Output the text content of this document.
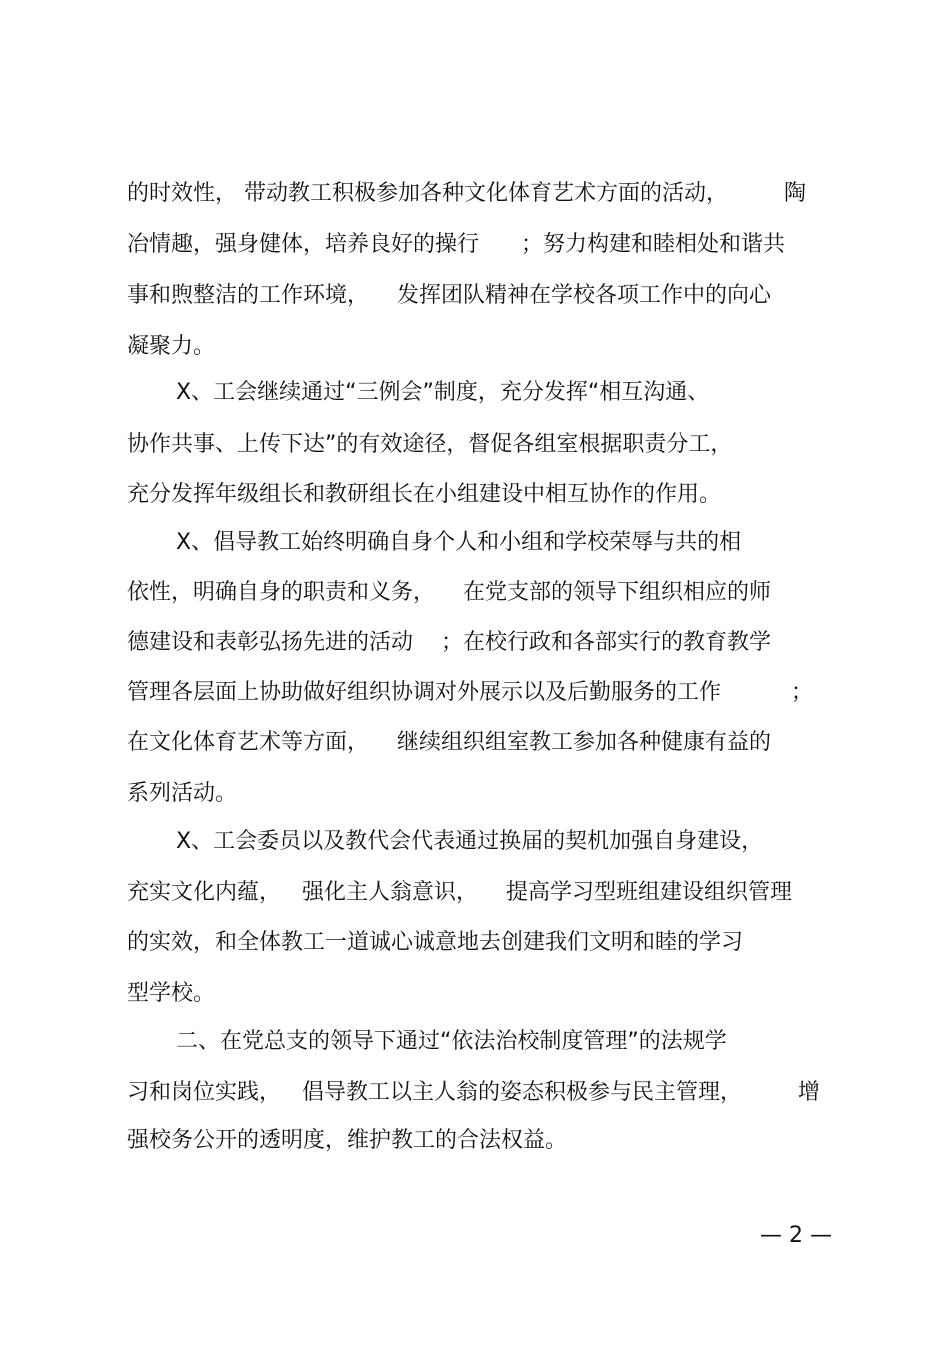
的时效性， 带动教工积极参加各种文化体育艺术方面的活动，        陶
冶情趣，强身健体，培养良好的操行      ；努力构建和睦相处和谐共
事和煦整洁的工作环境，    发挥团队精神在学校各项工作中的向心
凝聚力。
X、工会继续通过“三例会”制度，充分发挥“相互沟通、
协作共事、上传下达”的有效途径，督促各组室根据职责分工，
充分发挥年级组长和教研组长在小组建设中相互协作的作用。
X、倡导教工始终明确自身个人和小组和学校荣辱与共的相
依性，明确自身的职责和义务，    在党支部的领导下组织相应的师
德建设和表彰弘扬先进的活动    ；在校行政和各部实行的教育教学
管理各层面上协助做好组织协调对外展示以及后勤服务的工作          ；
在文化体育艺术等方面，    继续组织组室教工参加各种健康有益的
系列活动。
X、工会委员以及教代会代表通过换届的契机加强自身建设，
充实文化内蕴，   强化主人翁意识，    提高学习型班组建设组织管理
的实效，和全体教工一道诚心诚意地去创建我们文明和睦的学习
型学校。
二、在党总支的领导下通过“依法治校制度管理”的法规学
习和岗位实践，   倡导教工以主人翁的姿态积极参与民主管理，        增
强校务公开的透明度，维护教工的合法权益。
— 2 —
